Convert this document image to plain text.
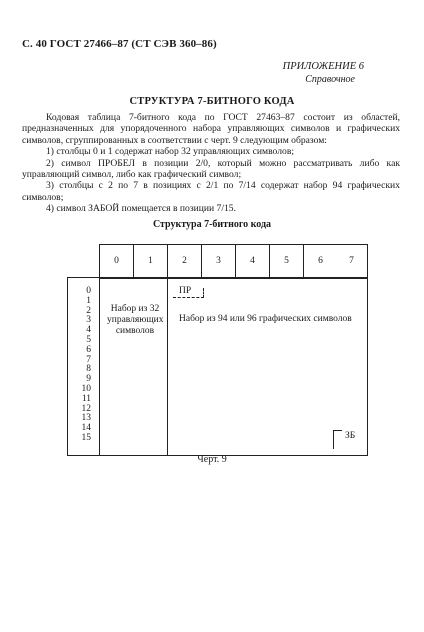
С. 40 ГОСТ 27466–87 (СТ СЭВ 360–86)
ПРИЛОЖЕНИЕ 6
Справочное
СТРУКТУРА 7-БИТНОГО КОДА

Кодовая таблица 7-битного кода по ГОСТ 27463–87 состоит из областей, предназначенных для упорядоченного набора управляющих символов и графических символов, сгруппированных в соответствии с черт. 9 следующим образом:

1) столбцы 0 и 1 содержат набор 32 управляющих символов;

2) символ ПРОБЕЛ в позиции 2/0, который можно рассматривать либо как управляющий символ, либо как графический символ;

3) столбцы с 2 по 7 в позициях с 2/1 по 7/14 содержат набор 94 графических символов;

4) символ ЗАБОЙ помещается в позиции 7/15.

Структура 7-битного кода
0	1	2	3	4	5	6	7
0
1
2
3
4
5
6
7
8
9
10
11
12
13
14
15
Набор из 32 управляющих символов
ПР
Набор из 94 или 96 графических символов
ЗБ
Черт. 9
